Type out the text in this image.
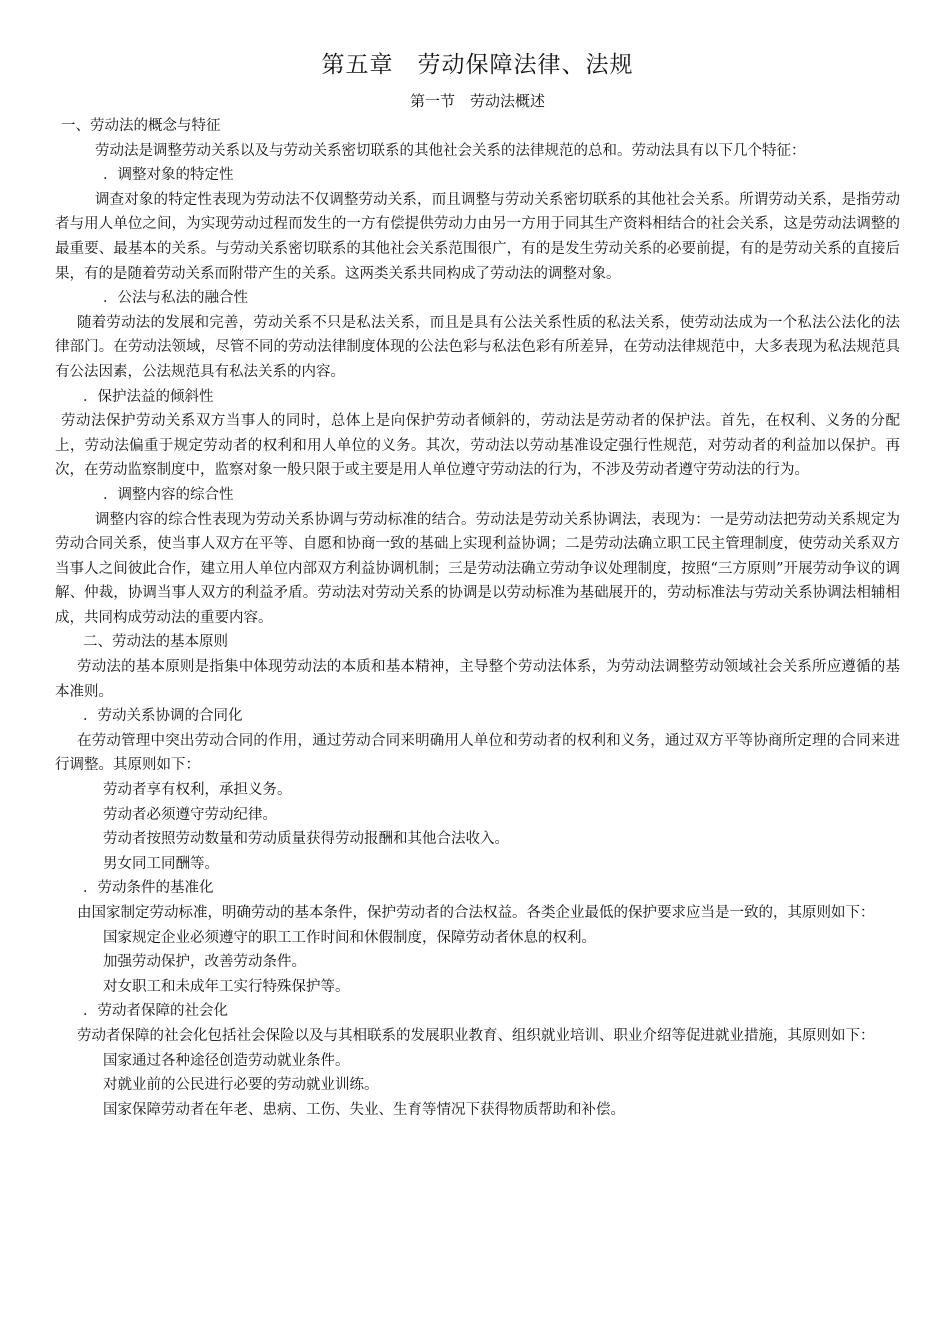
第五章　劳动保障法律、法规
第一节　劳动法概述

一、劳动法的概念与特征

劳动法是调整劳动关系以及与劳动关系密切联系的其他社会关系的法律规范的总和。劳动法具有以下几个特征：

．调整对象的特定性

调查对象的特定性表现为劳动法不仅调整劳动关系，而且调整与劳动关系密切联系的其他社会关系。所谓劳动关系，是指劳动者与用人单位之间，为实现劳动过程而发生的一方有偿提供劳动力由另一方用于同其生产资料相结合的社会关系，这是劳动法调整的最重要、最基本的关系。与劳动关系密切联系的其他社会关系范围很广，有的是发生劳动关系的必要前提，有的是劳动关系的直接后果，有的是随着劳动关系而附带产生的关系。这两类关系共同构成了劳动法的调整对象。

．公法与私法的融合性

随着劳动法的发展和完善，劳动关系不只是私法关系，而且是具有公法关系性质的私法关系，使劳动法成为一个私法公法化的法律部门。在劳动法领域，尽管不同的劳动法律制度体现的公法色彩与私法色彩有所差异，在劳动法律规范中，大多表现为私法规范具有公法因素，公法规范具有私法关系的内容。

．保护法益的倾斜性

劳动法保护劳动关系双方当事人的同时，总体上是向保护劳动者倾斜的，劳动法是劳动者的保护法。首先，在权利、义务的分配上，劳动法偏重于规定劳动者的权利和用人单位的义务。其次，劳动法以劳动基准设定强行性规范，对劳动者的利益加以保护。再次，在劳动监察制度中，监察对象一般只限于或主要是用人单位遵守劳动法的行为，不涉及劳动者遵守劳动法的行为。

．调整内容的综合性

调整内容的综合性表现为劳动关系协调与劳动标准的结合。劳动法是劳动关系协调法，表现为：一是劳动法把劳动关系规定为劳动合同关系，使当事人双方在平等、自愿和协商一致的基础上实现利益协调；二是劳动法确立职工民主管理制度，使劳动关系双方当事人之间彼此合作，建立用人单位内部双方利益协调机制；三是劳动法确立劳动争议处理制度，按照“三方原则”开展劳动争议的调解、仲裁，协调当事人双方的利益矛盾。劳动法对劳动关系的协调是以劳动标准为基础展开的，劳动标准法与劳动关系协调法相辅相成，共同构成劳动法的重要内容。

二、劳动法的基本原则

劳动法的基本原则是指集中体现劳动法的本质和基本精神，主导整个劳动法体系，为劳动法调整劳动领域社会关系所应遵循的基本准则。

．劳动关系协调的合同化

在劳动管理中突出劳动合同的作用，通过劳动合同来明确用人单位和劳动者的权利和义务，通过双方平等协商所定理的合同来进行调整。其原则如下：

劳动者享有权利，承担义务。

劳动者必须遵守劳动纪律。

劳动者按照劳动数量和劳动质量获得劳动报酬和其他合法收入。

男女同工同酬等。

．劳动条件的基准化

由国家制定劳动标准，明确劳动的基本条件，保护劳动者的合法权益。各类企业最低的保护要求应当是一致的，其原则如下：

国家规定企业必须遵守的职工工作时间和休假制度，保障劳动者休息的权利。

加强劳动保护，改善劳动条件。

对女职工和未成年工实行特殊保护等。

．劳动者保障的社会化

劳动者保障的社会化包括社会保险以及与其相联系的发展职业教育、组织就业培训、职业介绍等促进就业措施，其原则如下：

国家通过各种途径创造劳动就业条件。

对就业前的公民进行必要的劳动就业训练。

国家保障劳动者在年老、患病、工伤、失业、生育等情况下获得物质帮助和补偿。
